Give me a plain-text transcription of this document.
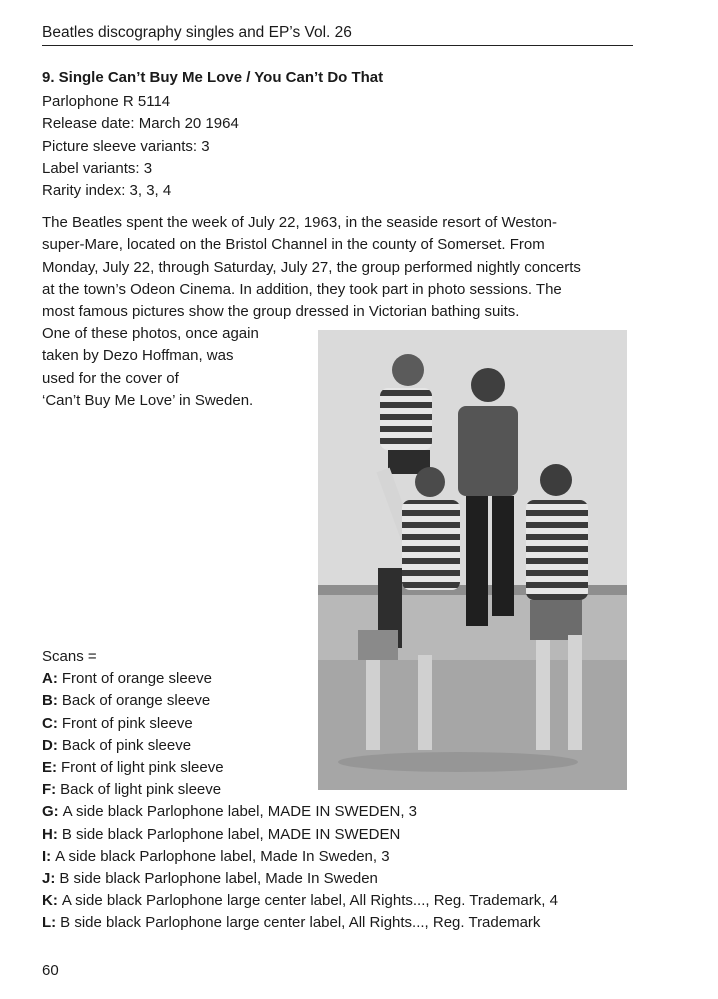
Beatles discography singles and EP’s Vol. 26
9. Single Can’t Buy Me Love / You Can’t Do That
Parlophone R 5114
Release date: March 20 1964
Picture sleeve variants: 3
Label variants: 3
Rarity index: 3, 3, 4
The Beatles spent the week of July 22, 1963, in the seaside resort of Weston-
super-Mare, located on the Bristol Channel in the county of Somerset. From
Monday, July 22, through Saturday, July 27, the group performed nightly concerts
at the town’s Odeon Cinema. In addition, they took part in photo sessions. The
most famous pictures show the group dressed in Victorian bathing suits.
One of these photos, once again
taken by Dezo Hoffman, was
used for the cover of
‘Can’t Buy Me Love’ in Sweden.
Scans =
A: Front of orange sleeve
B: Back of orange sleeve
C: Front of pink sleeve
D: Back of pink sleeve
E: Front of light pink sleeve
F: Back of light pink sleeve
G: A side black Parlophone label, MADE IN SWEDEN, 3
H: B side black Parlophone label, MADE IN SWEDEN
I: A side black Parlophone label, Made In Sweden, 3
J: B side black Parlophone label, Made In Sweden
K: A side black Parlophone large center label, All Rights..., Reg. Trademark, 4
L: B side black Parlophone large center label, All Rights..., Reg. Trademark
60
